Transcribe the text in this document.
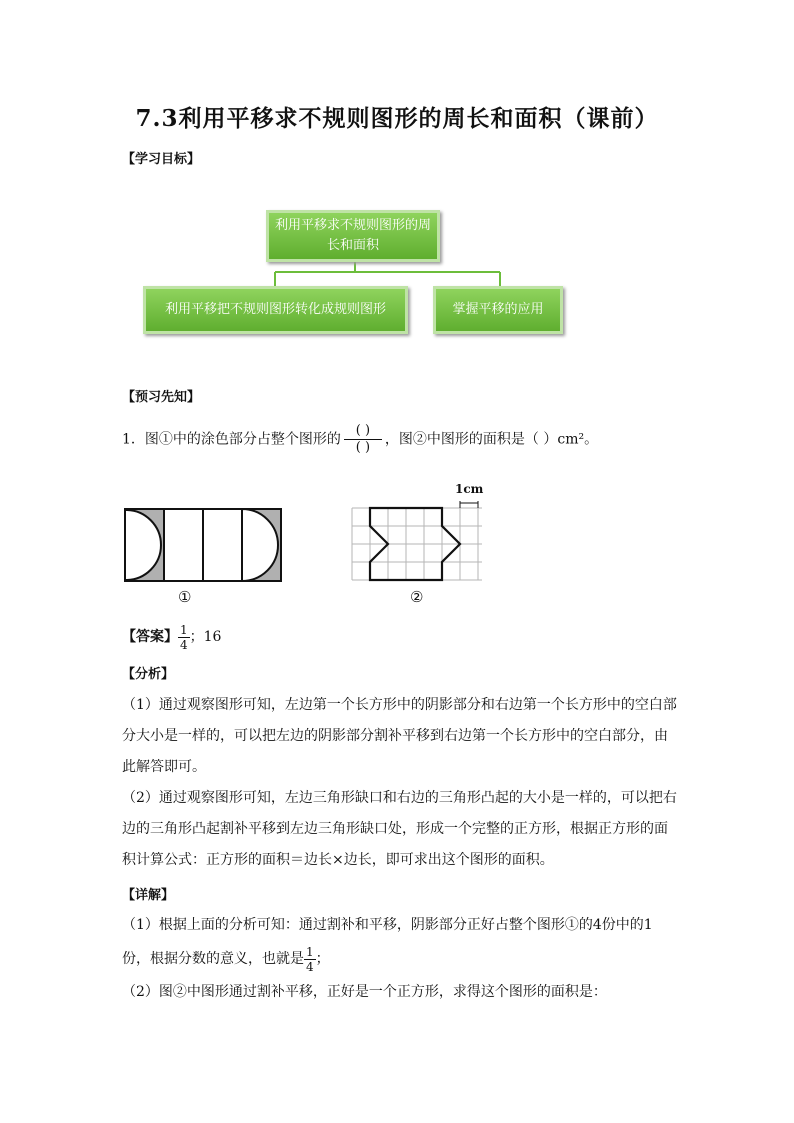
7.3利用平移求不规则图形的周长和面积（课前）
【学习目标】
利用平移求不规则图形的周
长和面积
利用平移把不规则图形转化成规则图形	掌握平移的应用
【预习先知】
1．图①中的涂色部分占整个图形的
( )
( )	，图②中图形的面积是（ ）cm²。
①
1cm
②
【答案】 $\frac{1}{4}$ ；16
【分析】
（1）通过观察图形可知，左边第一个长方形中的阴影部分和右边第一个长方形中的空白部
分大小是一样的，可以把左边的阴影部分割补平移到右边第一个长方形中的空白部分，由
此解答即可。
（2）通过观察图形可知，左边三角形缺口和右边的三角形凸起的大小是一样的，可以把右
边的三角形凸起割补平移到左边三角形缺口处，形成一个完整的正方形，根据正方形的面
积计算公式：正方形的面积＝边长×边长，即可求出这个图形的面积。
【详解】
（1）根据上面的分析可知：通过割补和平移，阴影部分正好占整个图形①的4份中的1
份，根据分数的意义，也就是 $\frac{1}{4}$ ；
（2）图②中图形通过割补平移，正好是一个正方形，求得这个图形的面积是：
